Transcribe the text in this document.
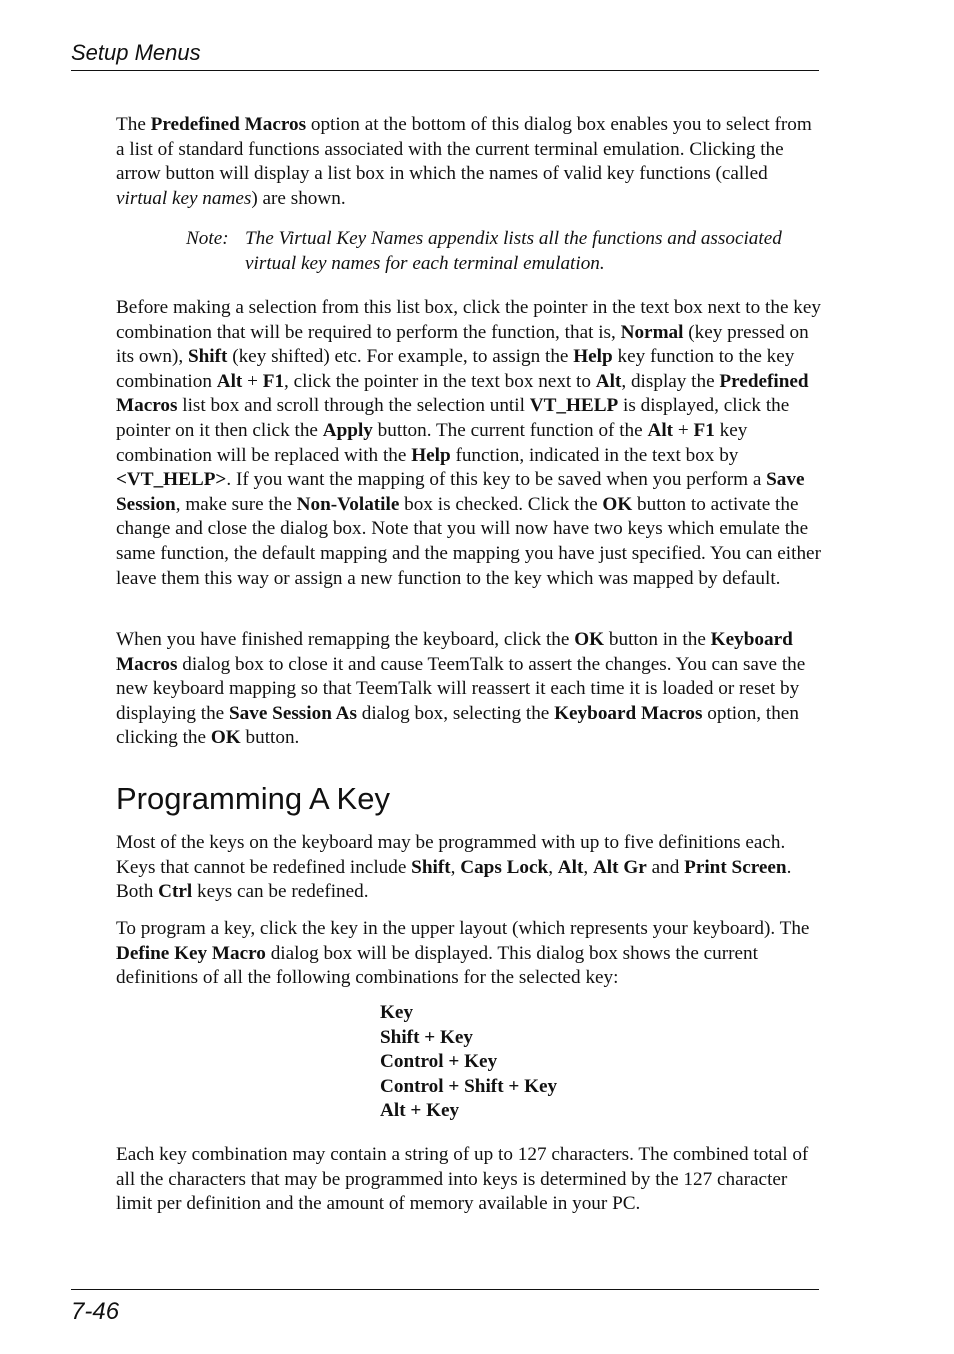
Setup Menus

The Predefined Macros option at the bottom of this dialog box enables you to select from a list of standard functions associated with the current terminal emulation. Clicking the arrow button will display a list box in which the names of valid key functions (called virtual key names) are shown.

Note: The Virtual Key Names appendix lists all the functions and associated virtual key names for each terminal emulation.

Before making a selection from this list box, click the pointer in the text box next to the key combination that will be required to perform the function, that is, Normal (key pressed on its own), Shift (key shifted) etc. For example, to assign the Help key function to the key combination Alt + F1, click the pointer in the text box next to Alt, display the Predefined Macros list box and scroll through the selection until VT_HELP is displayed, click the pointer on it then click the Apply button. The current function of the Alt + F1 key combination will be replaced with the Help function, indicated in the text box by <VT_HELP>. If you want the mapping of this key to be saved when you perform a Save Session, make sure the Non-Volatile box is checked. Click the OK button to activate the change and close the dialog box. Note that you will now have two keys which emulate the same function, the default mapping and the mapping you have just specified. You can either leave them this way or assign a new function to the key which was mapped by default.

When you have finished remapping the keyboard, click the OK button in the Keyboard Macros dialog box to close it and cause TeemTalk to assert the changes. You can save the new keyboard mapping so that TeemTalk will reassert it each time it is loaded or reset by displaying the Save Session As dialog box, selecting the Keyboard Macros option, then clicking the OK button.

Programming A Key

Most of the keys on the keyboard may be programmed with up to five definitions each. Keys that cannot be redefined include Shift, Caps Lock, Alt, Alt Gr and Print Screen. Both Ctrl keys can be redefined.

To program a key, click the key in the upper layout (which represents your keyboard). The Define Key Macro dialog box will be displayed. This dialog box shows the current definitions of all the following combinations for the selected key:

Key
Shift + Key
Control + Key
Control + Shift + Key
Alt + Key

Each key combination may contain a string of up to 127 characters. The combined total of all the characters that may be programmed into keys is determined by the 127 character limit per definition and the amount of memory available in your PC.

7-46
